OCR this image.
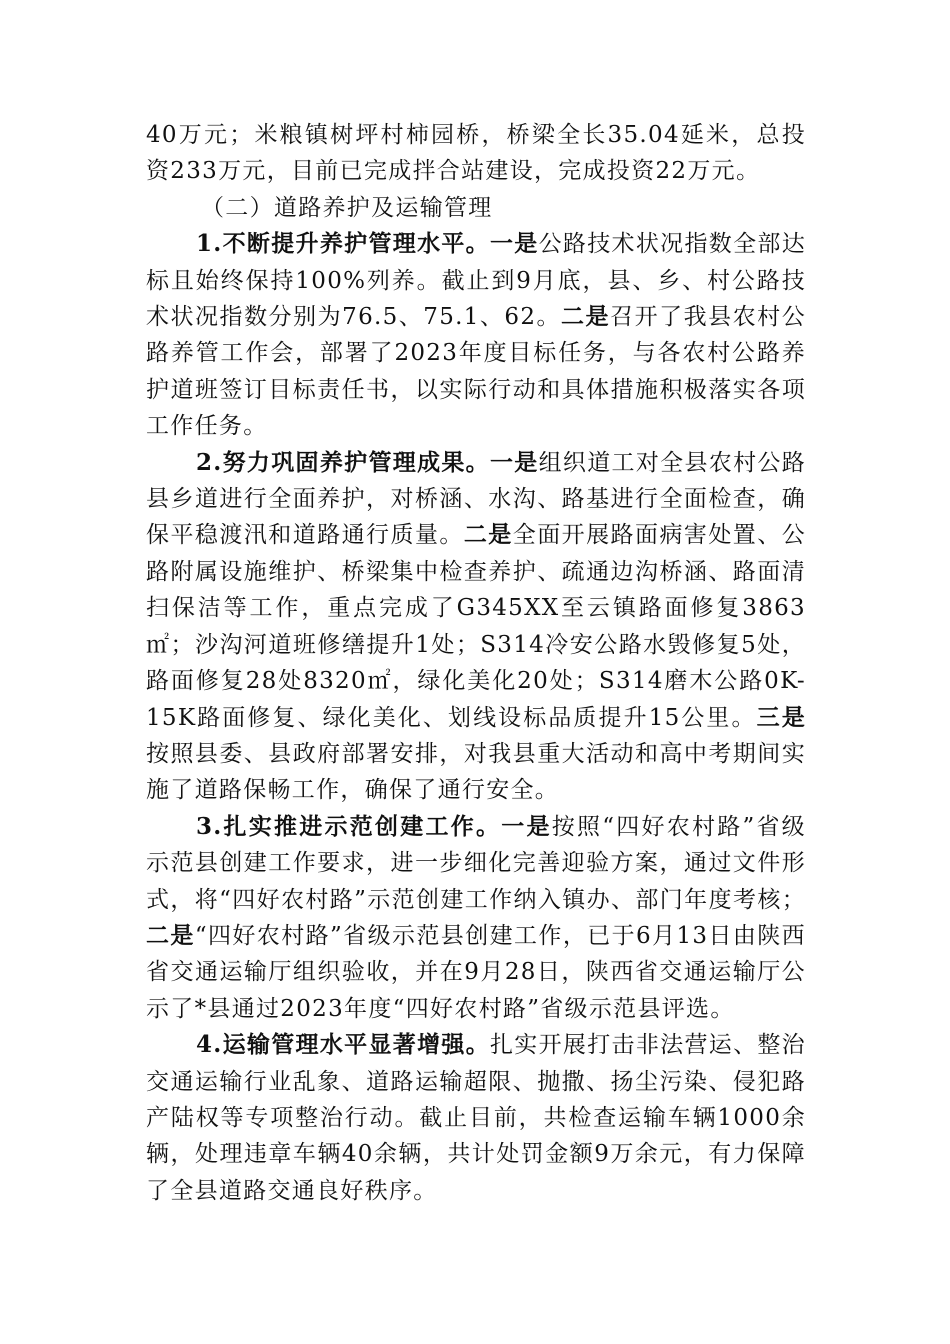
40万元；米粮镇树坪村柿园桥，桥梁全长35.04延米，总投资233万元，目前已完成拌合站建设，完成投资22万元。

（二）道路养护及运输管理

1.不断提升养护管理水平。一是公路技术状况指数全部达标且始终保持100%列养。截止到9月底，县、乡、村公路技术状况指数分别为76.5、75.1、62。二是召开了我县农村公路养管工作会，部署了2023年度目标任务，与各农村公路养护道班签订目标责任书，以实际行动和具体措施积极落实各项工作任务。

2.努力巩固养护管理成果。一是组织道工对全县农村公路县乡道进行全面养护，对桥涵、水沟、路基进行全面检查，确保平稳渡汛和道路通行质量。二是全面开展路面病害处置、公路附属设施维护、桥梁集中检查养护、疏通边沟桥涵、路面清扫保洁等工作，重点完成了G345XX至云镇路面修复3863㎡；沙沟河道班修缮提升1处；S314冷安公路水毁修复5处，路面修复28处8320㎡，绿化美化20处；S314磨木公路0K-15K路面修复、绿化美化、划线设标品质提升15公里。三是按照县委、县政府部署安排，对我县重大活动和高中考期间实施了道路保畅工作，确保了通行安全。

3.扎实推进示范创建工作。一是按照“四好农村路”省级示范县创建工作要求，进一步细化完善迎验方案，通过文件形式，将“四好农村路”示范创建工作纳入镇办、部门年度考核；二是“四好农村路”省级示范县创建工作，已于6月13日由陕西省交通运输厅组织验收，并在9月28日，陕西省交通运输厅公示了*县通过2023年度“四好农村路”省级示范县评选。

4.运输管理水平显著增强。扎实开展打击非法营运、整治交通运输行业乱象、道路运输超限、抛撒、扬尘污染、侵犯路产陆权等专项整治行动。截止目前，共检查运输车辆1000余辆，处理违章车辆40余辆，共计处罚金额9万余元，有力保障了全县道路交通良好秩序。
